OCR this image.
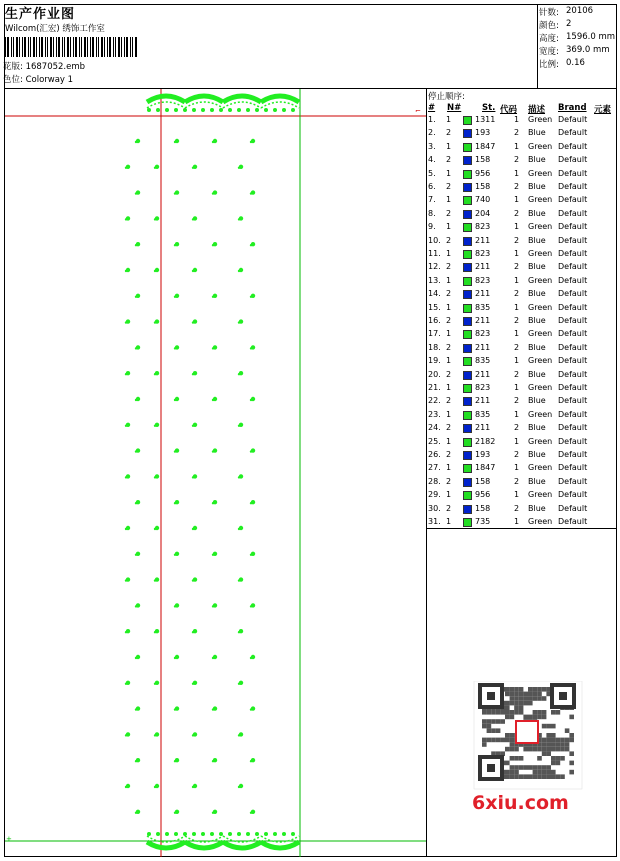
生产作业图
Wilcom(汇宏) 绣饰工作室
花版: 1687052.emb
色位: Colorway 1
针数: 20106
颜色: 2
高度: 1596.0 mm
宽度: 369.0 mm
比例: 0.16
⌐
+
停止顺序:
# N# St. 代码 描述 Brand 元素
1. 1	1311 1 Green Default
2. 2	193	2 Blue Default
3. 1	1847 1 Green Default
4. 2	158	2 Blue Default
5. 1	956	1 Green Default
6. 2	158	2 Blue Default
7. 1	740	1 Green Default
8. 2	204	2 Blue Default
9. 1	823	1 Green Default
10. 2	211	2 Blue Default
11. 1	823	1 Green Default
12. 2	211	2 Blue Default
13. 1	823	1 Green Default
14. 2	211	2 Blue Default
15. 1	835	1 Green Default
16. 2	211	2 Blue Default
17. 1	823	1 Green Default
18. 2	211	2 Blue Default
19. 1	835	1 Green Default
20. 2	211	2 Blue Default
21. 1	823	1 Green Default
22. 2	211	2 Blue Default
23. 1	835	1 Green Default
24. 2	211	2 Blue Default
25. 1	2182 1 Green Default
26. 2	193	2 Blue Default
27. 1	1847 1 Green Default
28. 2	158	2 Blue Default
29. 1	956	1 Green Default
30. 2	158	2 Blue Default
31. 1	735	1 Green Default
6xiu.com
